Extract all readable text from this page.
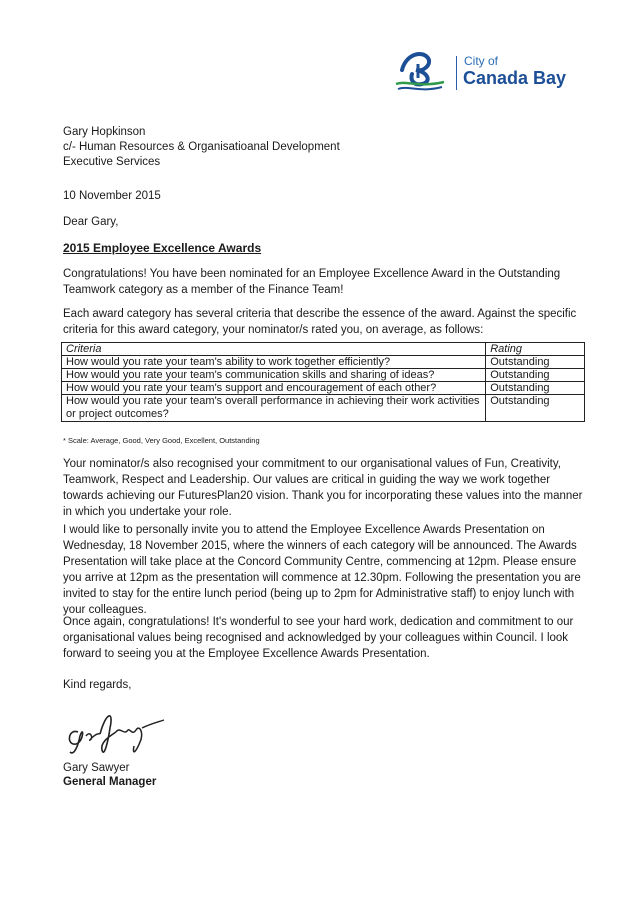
City of
Canada Bay
Gary Hopkinson
c/- Human Resources & Organisatioanal Development
Executive Services
10 November 2015
Dear Gary,
2015 Employee Excellence Awards
Congratulations! You have been nominated for an Employee Excellence Award in the Outstanding Teamwork category as a member of the Finance Team!
Each award category has several criteria that describe the essence of the award. Against the specific criteria for this award category, your nominator/s rated you, on average, as follows:
Criteria	Rating
How would you rate your team's ability to work together efficiently?	Outstanding
How would you rate your team's communication skills and sharing of ideas?	Outstanding
How would you rate your team's support and encouragement of each other?	Outstanding
How would you rate your team's overall performance in achieving their work activities or project outcomes?	Outstanding
* Scale: Average, Good, Very Good, Excellent, Outstanding
Your nominator/s also recognised your commitment to our organisational values of Fun, Creativity, Teamwork, Respect and Leadership. Our values are critical in guiding the way we work together towards achieving our FuturesPlan20 vision. Thank you for incorporating these values into the manner in which you undertake your role.
I would like to personally invite you to attend the Employee Excellence Awards Presentation on Wednesday, 18 November 2015, where the winners of each category will be announced. The Awards Presentation will take place at the Concord Community Centre, commencing at 12pm. Please ensure you arrive at 12pm as the presentation will commence at 12.30pm. Following the presentation you are invited to stay for the entire lunch period (being up to 2pm for Administrative staff) to enjoy lunch with your colleagues.
Once again, congratulations! It's wonderful to see your hard work, dedication and commitment to our organisational values being recognised and acknowledged by your colleagues within Council. I look forward to seeing you at the Employee Excellence Awards Presentation.
Kind regards,
Gary Sawyer
General Manager
